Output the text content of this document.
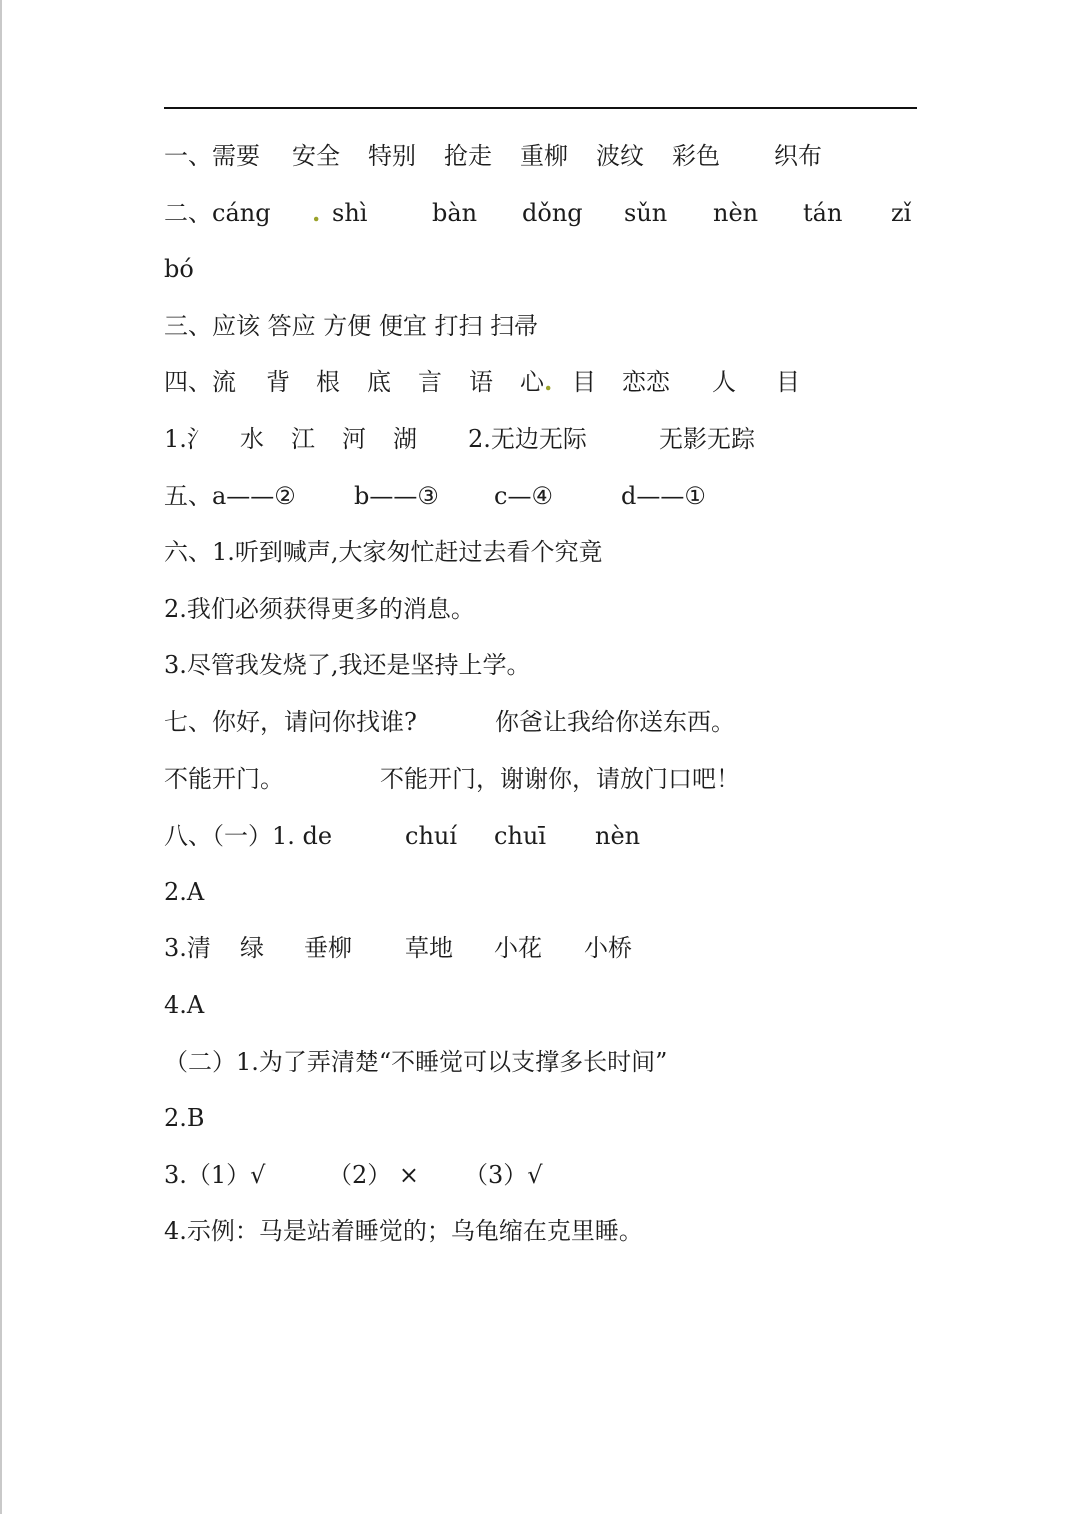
一、需要 安全 特别 抢走 重柳 波纹 彩色 织布
二、cáng . shì	bàn dǒng sǔn nèn tán zǐ
bó
三、应该 答应 方便 便宜 打扫 扫帚
四、流 背 根 底 言 语 心 . 目 恋恋 人 目
1.氵 水 江 河 湖 2.无边无际	无影无踪
五、a——② b——③ c—④	d——①
六、1.听到喊声,大家匆忙赶过去看个究竟
2.我们必须获得更多的消息。
3.尽管我发烧了,我还是坚持上学。
七、你好，请问你找谁?	你爸让我给你送东西。
不能开门。	不能开门，谢谢你，请放门口吧！
八、（一）1. de	chuí chuī nèn
2.A
3.清 绿 垂柳 草地 小花 小桥
4.A
（二）1.为了弄清楚“不睡觉可以支撑多长时间”
2.B
3.（1）√	（2） × （3）√
4.示例：马是站着睡觉的；乌龟缩在克里睡。
